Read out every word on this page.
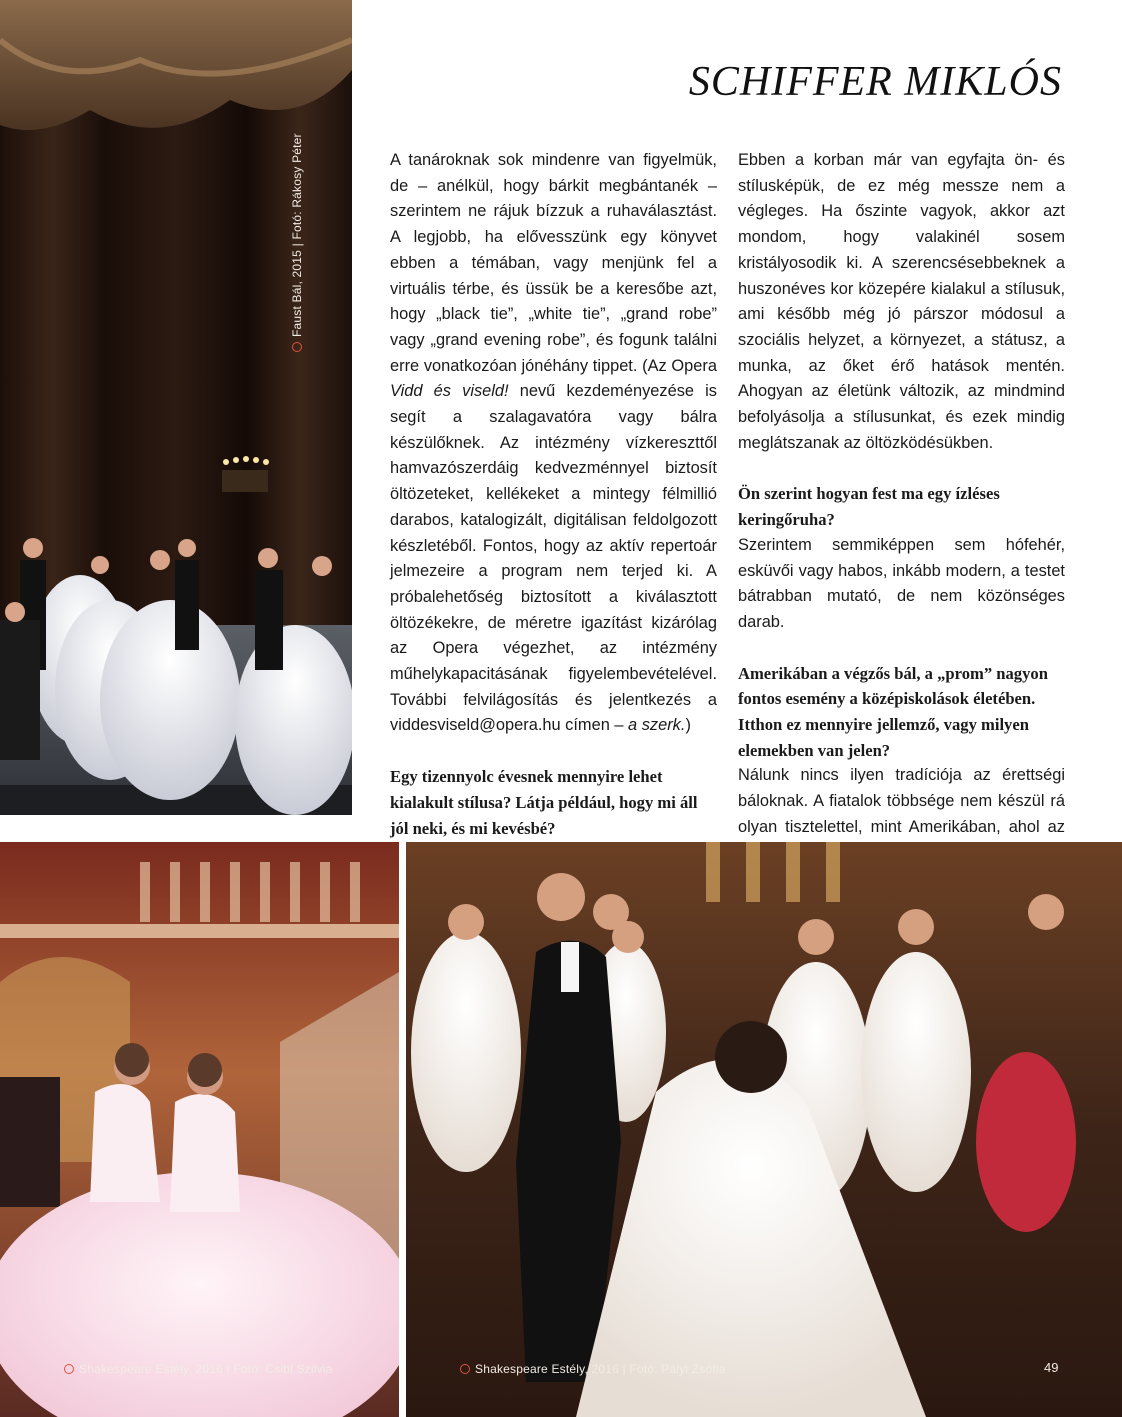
Faust Bál, 2015 | Fotó: Rákosy Péter
SCHIFFER MIKLÓS

A tanároknak sok mindenre van figyelmük, de – anélkül, hogy bárkit megbántanék – szerintem ne rájuk bízzuk a ruhaválasztást. A legjobb, ha elővesszünk egy könyvet ebben a témában, vagy menjünk fel a virtuális térbe, és üssük be a keresőbe azt, hogy „black tie”, „white tie”, „grand robe” vagy „grand evening robe”, és fogunk találni erre vonatkozóan jónéhány tippet. (Az Opera Vidd és viseld! nevű kezdeményezése is segít a szalagavatóra vagy bálra készülőknek. Az intézmény vízkereszttől hamvazószerdáig kedvezménnyel biztosít öltözeteket, kellékeket a mintegy félmillió darabos, katalogizált, digitálisan feldolgozott készletéből. Fontos, hogy az aktív repertoár jelmezeire a program nem terjed ki. A próbalehetőség biztosított a kiválasztott öltözékekre, de méretre igazítást kizárólag az Opera végezhet, az intézmény műhelykapacitásának figyelembevételével. További felvilágosítás és jelentkezés a viddesviseld@opera.hu címen – a szerk.)

Egy tizennyolc évesnek mennyire lehet kialakult stílusa? Látja például, hogy mi áll jól neki, és mi kevésbé?

Ebben a korban már van egyfajta ön- és stílusképük, de ez még messze nem a végleges. Ha őszinte vagyok, akkor azt mondom, hogy valakinél sosem kristályosodik ki. A szerencsésebbeknek a huszonéves kor közepére kialakul a stílusuk, ami később még jó párszor módosul a szociális helyzet, a környezet, a státusz, a munka, az őket érő hatások mentén. Ahogyan az életünk változik, az mindmind befolyásolja a stílusunkat, és ezek mindig meglátszanak az öltözködésükben.

Ön szerint hogyan fest ma egy ízléses keringőruha?

Szerintem semmiképpen sem hófehér, esküvői vagy habos, inkább modern, a testet bátrabban mutató, de nem közönséges darab.

Amerikában a végzős bál, a „prom” nagyon fontos esemény a középiskolások életében. Itthon ez mennyire jellemző, vagy milyen elemekben van jelen?

Nálunk nincs ilyen tradíciója az érettségi báloknak. A fiatalok többsége nem készül rá olyan tisztelettel, mint Amerikában, ahol az

Shakespeare Estély, 2016 | Fotó: Csibi Szilvia	Shakespeare Estély, 2016 | Fotó: Pályi Zsófia	49
